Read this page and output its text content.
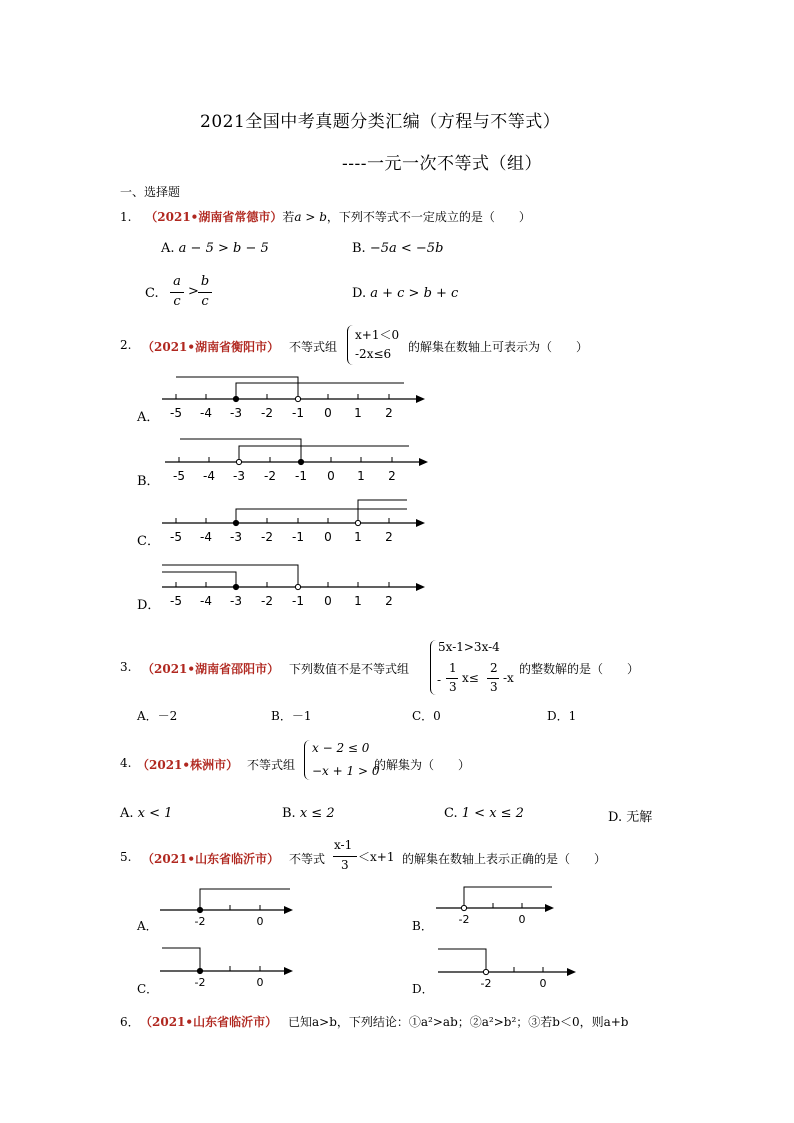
2021全国中考真题分类汇编（方程与不等式）
----一元一次不等式（组）
一、选择题
1. （2021•湖南省常德市）若a > b，下列不等式不一定成立的是（　　）
A. a − 5 > b − 5	B. −5a < −5b
C.
a
c
>
b
c
D. a + c > b + c
2. （2021•湖南省衡阳市） 不等式组
x+1＜0
-2x≤6 的解集在数轴上可表示为（　　）
A．
B．
C．
D．
-5 -4 -3 -2 -1 0 1 2
-5 -4 -3 -2 -1 0 1 2
-5 -4 -3 -2 -1 0 1 2
-5 -4 -3 -2 -1 0 1 2
-2	0	-2	0
-2	0	-2	0
3. （2021•湖南省邵阳市） 下列数值不是不等式组
5x-1>3x-4
-
1
3
x≤
2
3
-x
的整数解的是（　　）
A．－2	B．－1	C．0	D．1
4. （2021•株洲市） 不等式组
x − 2 ≤ 0
−x + 1 > 0
的解集为（　　）
A. x < 1	B. x ≤ 2	C. 1 < x ≤ 2	D. 无解
5. （2021•山东省临沂市） 不等式
x-1
3
＜x+1 的解集在数轴上表示正确的是（　　）
A．	B．
C．	D．
6． （2021•山东省临沂市） 已知a>b，下列结论：①a²>ab；②a²>b²；③若b＜0，则a+b
